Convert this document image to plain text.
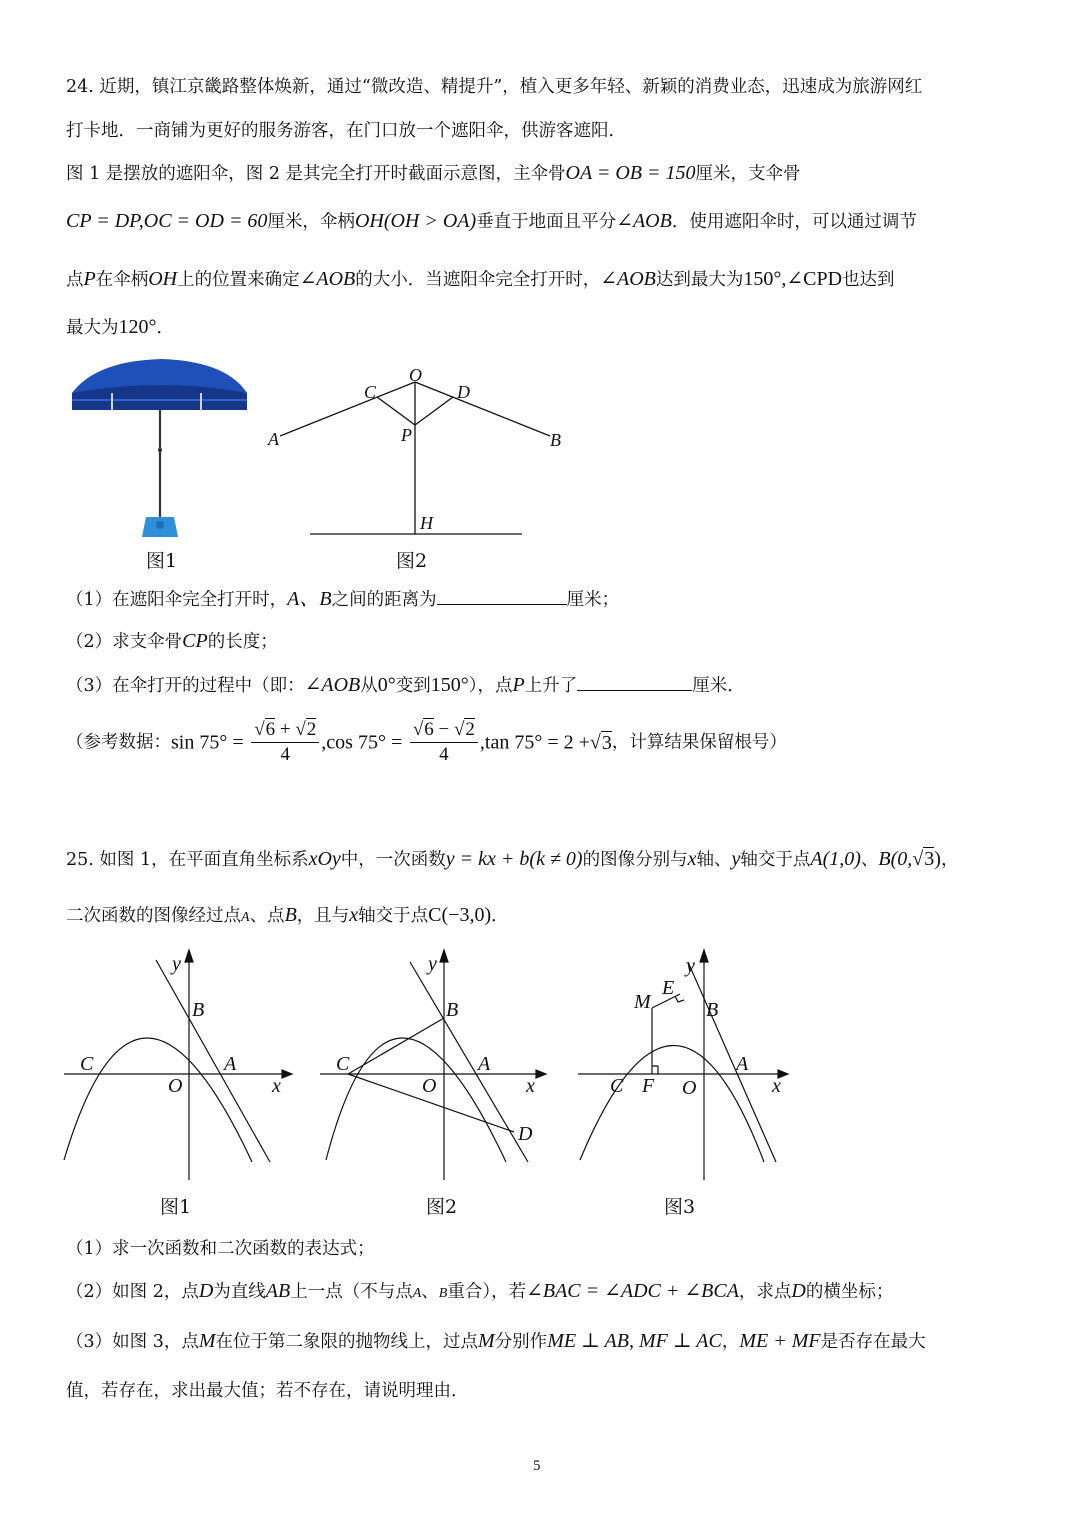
24. 近期，镇江京畿路整体焕新，通过“微改造、精提升”，植入更多年轻、新颖的消费业态，迅速成为旅游网红
打卡地．一商铺为更好的服务游客，在门口放一个遮阳伞，供游客遮阳．
图 1 是摆放的遮阳伞，图 2 是其完全打开时截面示意图，主伞骨OA = OB = 150厘米，支伞骨
CP = DP,OC = OD = 60厘米，伞柄OH(OH > OA)垂直于地面且平分∠AOB．使用遮阳伞时，可以通过调节
点P在伞柄OH上的位置来确定∠AOB的大小．当遮阳伞完全打开时，∠AOB达到最大为150°,∠CPD也达到
最大为120°．
图1
O
C	D
A	P	B
H
图2
（1）在遮阳伞完全打开时，A、B之间的距离为	厘米；
（2）求支伞骨CP的长度；
（3）在伞打开的过程中（即：∠AOB从0°变到150°），点P上升了	厘米．
（参考数据：$\sin 75^\circ = \frac{√6 + √2}{4} ,\cos$ $75^\circ = \frac{√6 - √2}{4} ,\tan$ 75° = 2 +√3，计算结果保留根号）
25. 如图 1，在平面直角坐标系xOy中，一次函数y = kx + b(k ≠ 0)的图像分别与x轴、y轴交于点A(1,0)、B(0,√3)，
二次函数的图像经过点A、点B，且与x轴交于点C(−3,0)．
C
B
A
O	x
y
图1
C
B
A
O	x
y
D
图2
C
B
A
O	x
y
M
E
F
图3
（1）求一次函数和二次函数的表达式；
（2）如图 2，点D为直线AB上一点（不与点A、B重合），若∠BAC = ∠ADC + ∠BCA，求点D的横坐标；
（3）如图 3，点M在位于第二象限的抛物线上，过点M分别作ME ⊥ AB, MF ⊥ AC，ME + MF是否存在最大
值，若存在，求出最大值；若不存在，请说明理由．
5
